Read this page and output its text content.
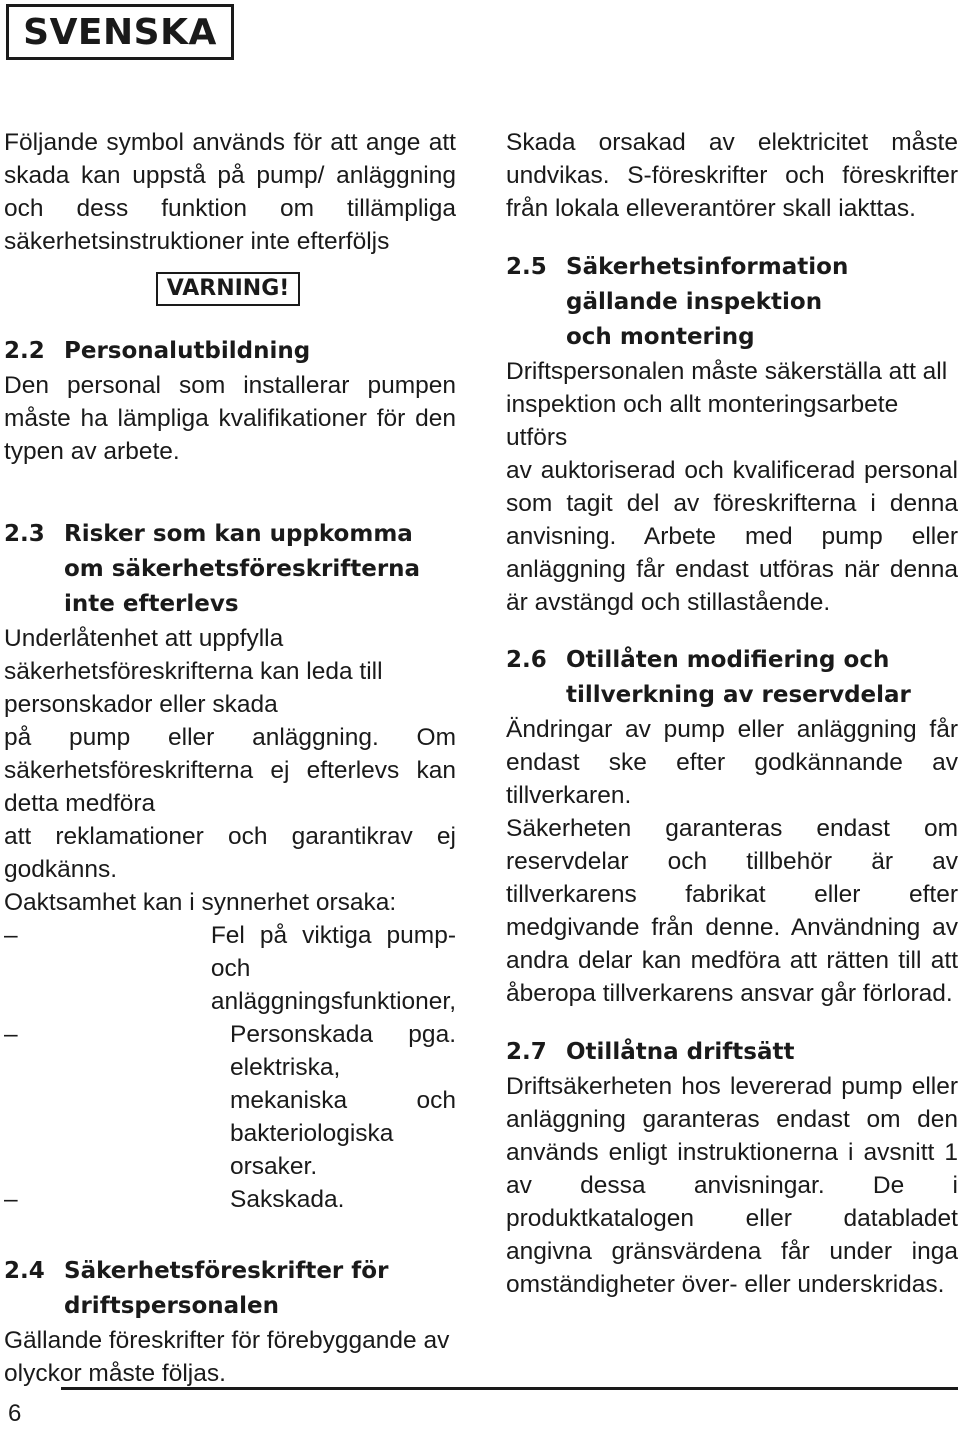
SVENSKA

Följande symbol används för att ange att skada kan uppstå på pump/ anläggning och dess funktion om tillämpliga säkerhetsinstruktioner inte efterföljs

VARNING!
2.2 Personalutbildning

Den personal som installerar pumpen måste ha lämpliga kvalifikationer för den typen av arbete.

2.3 Risker som kan uppkomma
om säkerhetsföreskrifterna
inte efterlevs

Underlåtenhet att uppfylla säkerhetsföreskrifterna kan leda till personskador eller skada

på pump eller anläggning. Om säkerhetsföreskrifterna ej efterlevs kan detta medföra

att reklamationer och garantikrav ej godkänns.

Oaktsamhet kan i synnerhet orsaka:

–	Fel på viktiga pump- och anläggningsfunktioner,

–	Personskada pga. elektriska, mekaniska och bakteriologiska orsaker.

–	Sakskada.

2.4 Säkerhetsföreskrifter för
driftspersonalen

Gällande föreskrifter för förebyggande av olyckor måste följas.

Skada orsakad av elektricitet måste undvikas. S-föreskrifter och föreskrifter från lokala elleverantörer skall iakttas.

2.5 Säkerhetsinformation
gällande inspektion
och montering

Driftspersonalen måste säkerställa att all inspektion och allt monteringsarbete utförs

av auktoriserad och kvalificerad personal som tagit del av föreskrifterna i denna anvisning. Arbete med pump eller anläggning får endast utföras när denna är avstängd och stillastående.

2.6 Otillåten modifiering och
tillverkning av reservdelar

Ändringar av pump eller anläggning får endast ske efter godkännande av tillverkaren.

Säkerheten garanteras endast om reservdelar och tillbehör är av tillverkarens fabrikat eller efter medgivande från denne. Användning av andra delar kan medföra att rätten till att åberopa tillverkarens ansvar går förlorad.

2.7 Otillåtna driftsätt

Driftsäkerheten hos levererad pump eller anläggning garanteras endast om den används enligt instruktionerna i avsnitt 1 av dessa anvisningar. De i produktkatalogen eller databladet angivna gränsvärdena får under inga omständigheter över- eller underskridas.

6
